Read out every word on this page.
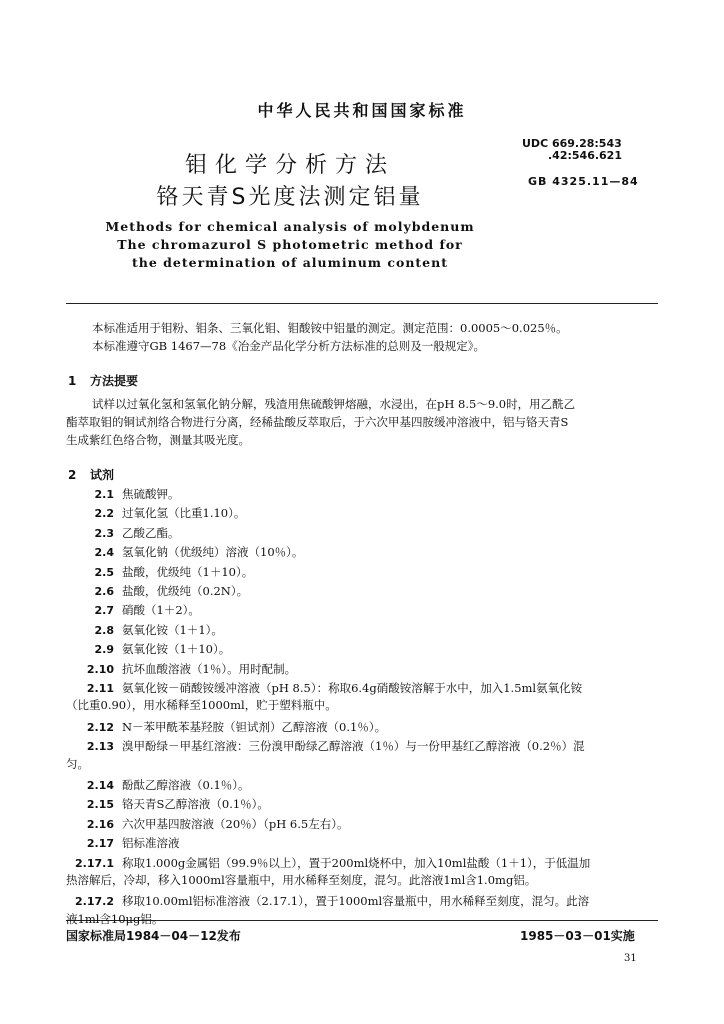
中华人民共和国国家标准
UDC 669.28:543
.42:546.621
GB 4325.11—84
钼化学分析方法
铬天青S光度法测定铝量
Methods for chemical analysis of molybdenum
The chromazurol S photometric method for
the determination of aluminum content
本标准适用于钼粉、钼条、三氧化钼、钼酸铵中铝量的测定。测定范围：0.0005～0.025％。
本标准遵守GB 1467—78《冶金产品化学分析方法标准的总则及一般规定》。
1 方法提要
试样以过氧化氢和氢氧化钠分解，残渣用焦硫酸钾熔融，水浸出，在pH 8.5～9.0时，用乙酰乙
酯萃取钼的铜试剂络合物进行分离，经稀盐酸反萃取后，于六次甲基四胺缓冲溶液中，铝与铬天青S
生成紫红色络合物，测量其吸光度。
2 试剂
2.1 焦硫酸钾。
2.2 过氧化氢（比重1.10）。
2.3 乙酸乙酯。
2.4 氢氧化钠（优级纯）溶液（10％）。
2.5 盐酸，优级纯（1＋10）。
2.6 盐酸，优级纯（0.2N）。
2.7 硝酸（1＋2）。
2.8 氨氧化铵（1＋1）。
2.9 氨氧化铵（1＋10）。
2.10 抗坏血酸溶液（1％）。用时配制。
2.11 氨氧化铵－硝酸铵缓冲溶液（pH 8.5）：称取6.4g硝酸铵溶解于水中，加入1.5ml氨氧化铵
（比重0.90），用水稀释至1000ml，贮于塑料瓶中。
2.12 N－苯甲酰苯基羟胺（钽试剂）乙醇溶液（0.1％）。
2.13 溴甲酚绿－甲基红溶液：三份溴甲酚绿乙醇溶液（1％）与一份甲基红乙醇溶液（0.2％）混
匀。
2.14 酚酞乙醇溶液（0.1％）。
2.15 铬天青S乙醇溶液（0.1％）。
2.16 六次甲基四胺溶液（20％）（pH 6.5左右）。
2.17 铝标准溶液
2.17.1 称取1.000g金属铝（99.9％以上），置于200ml烧杯中，加入10ml盐酸（1＋1），于低温加
热溶解后，冷却，移入1000ml容量瓶中，用水稀释至刻度，混匀。此溶液1ml含1.0mg铝。
国家标准局1984－04－12发布	1985－03－01实施
31
2.17.2 移取10.00ml铝标准溶液（2.17.1），置于1000ml容量瓶中，用水稀释至刻度，混匀。此溶
液1ml含10μg铝。
